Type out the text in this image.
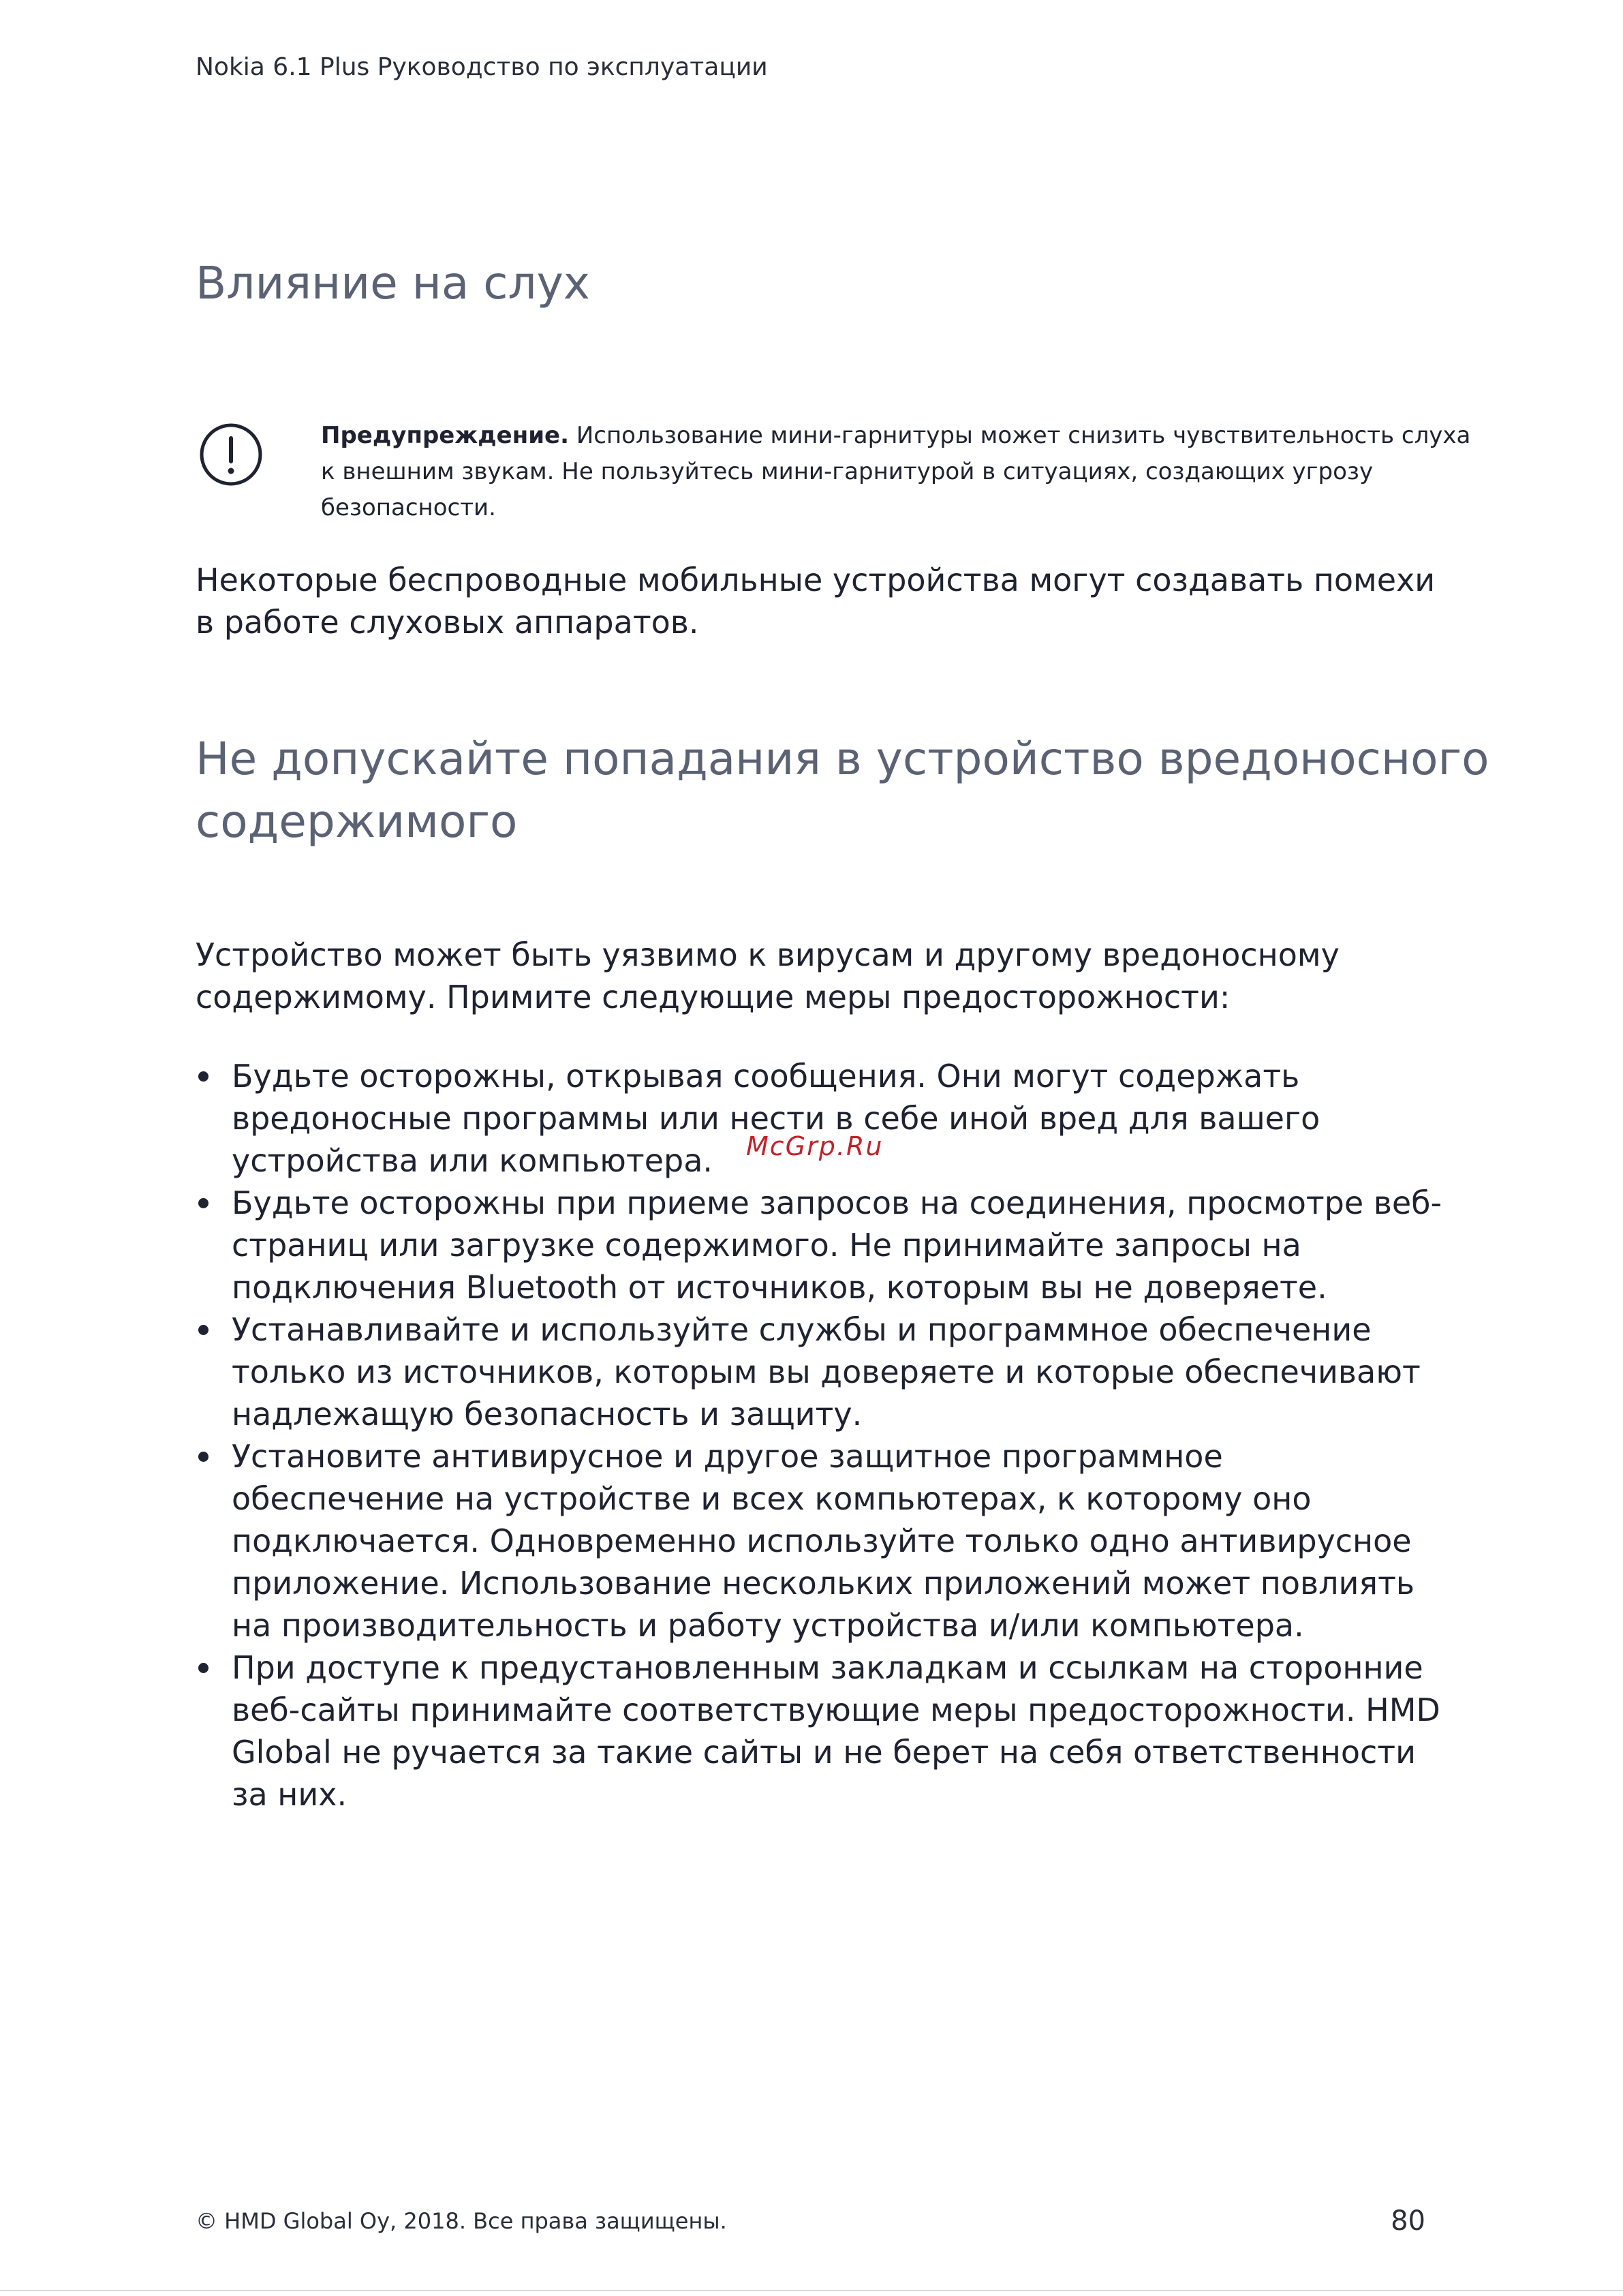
Nokia 6.1 Plus Руководство по эксплуатации
Влияние на слух
Предупреждение. Использование мини-гарнитуры может снизить чувствительность слуха к внешним звукам. Не пользуйтесь мини-гарнитурой в ситуациях, создающих угрозу безопасности.

Некоторые беспроводные мобильные устройства могут создавать помехи в работе слуховых аппаратов.

Не допускайте попадания в устройство вредоносного содержимого

Устройство может быть уязвимо к вирусам и другому вредоносному содержимому. Примите следующие меры предосторожности:

Будьте осторожны, открывая сообщения. Они могут содержать вредоносные программы или нести в себе иной вред для вашего устройства или компьютера.
Будьте осторожны при приеме запросов на соединения, просмотре веб-страниц или загрузке содержимого. Не принимайте запросы на подключения Bluetooth от источников, которым вы не доверяете.
Устанавливайте и используйте службы и программное обеспечение только из источников, которым вы доверяете и которые обеспечивают надлежащую безопасность и защиту.
Установите антивирусное и другое защитное программное обеспечение на устройстве и всех компьютерах, к которому оно подключается. Одновременно используйте только одно антивирусное приложение. Использование нескольких приложений может повлиять на производительность и работу устройства и/или компьютера.
При доступе к предустановленным закладкам и ссылкам на сторонние веб-сайты принимайте соответствующие меры предосторожности. HMD Global не ручается за такие сайты и не берет на себя ответственности за них.
McGrp.Ru
© HMD Global Oy, 2018. Все права защищены.	80
